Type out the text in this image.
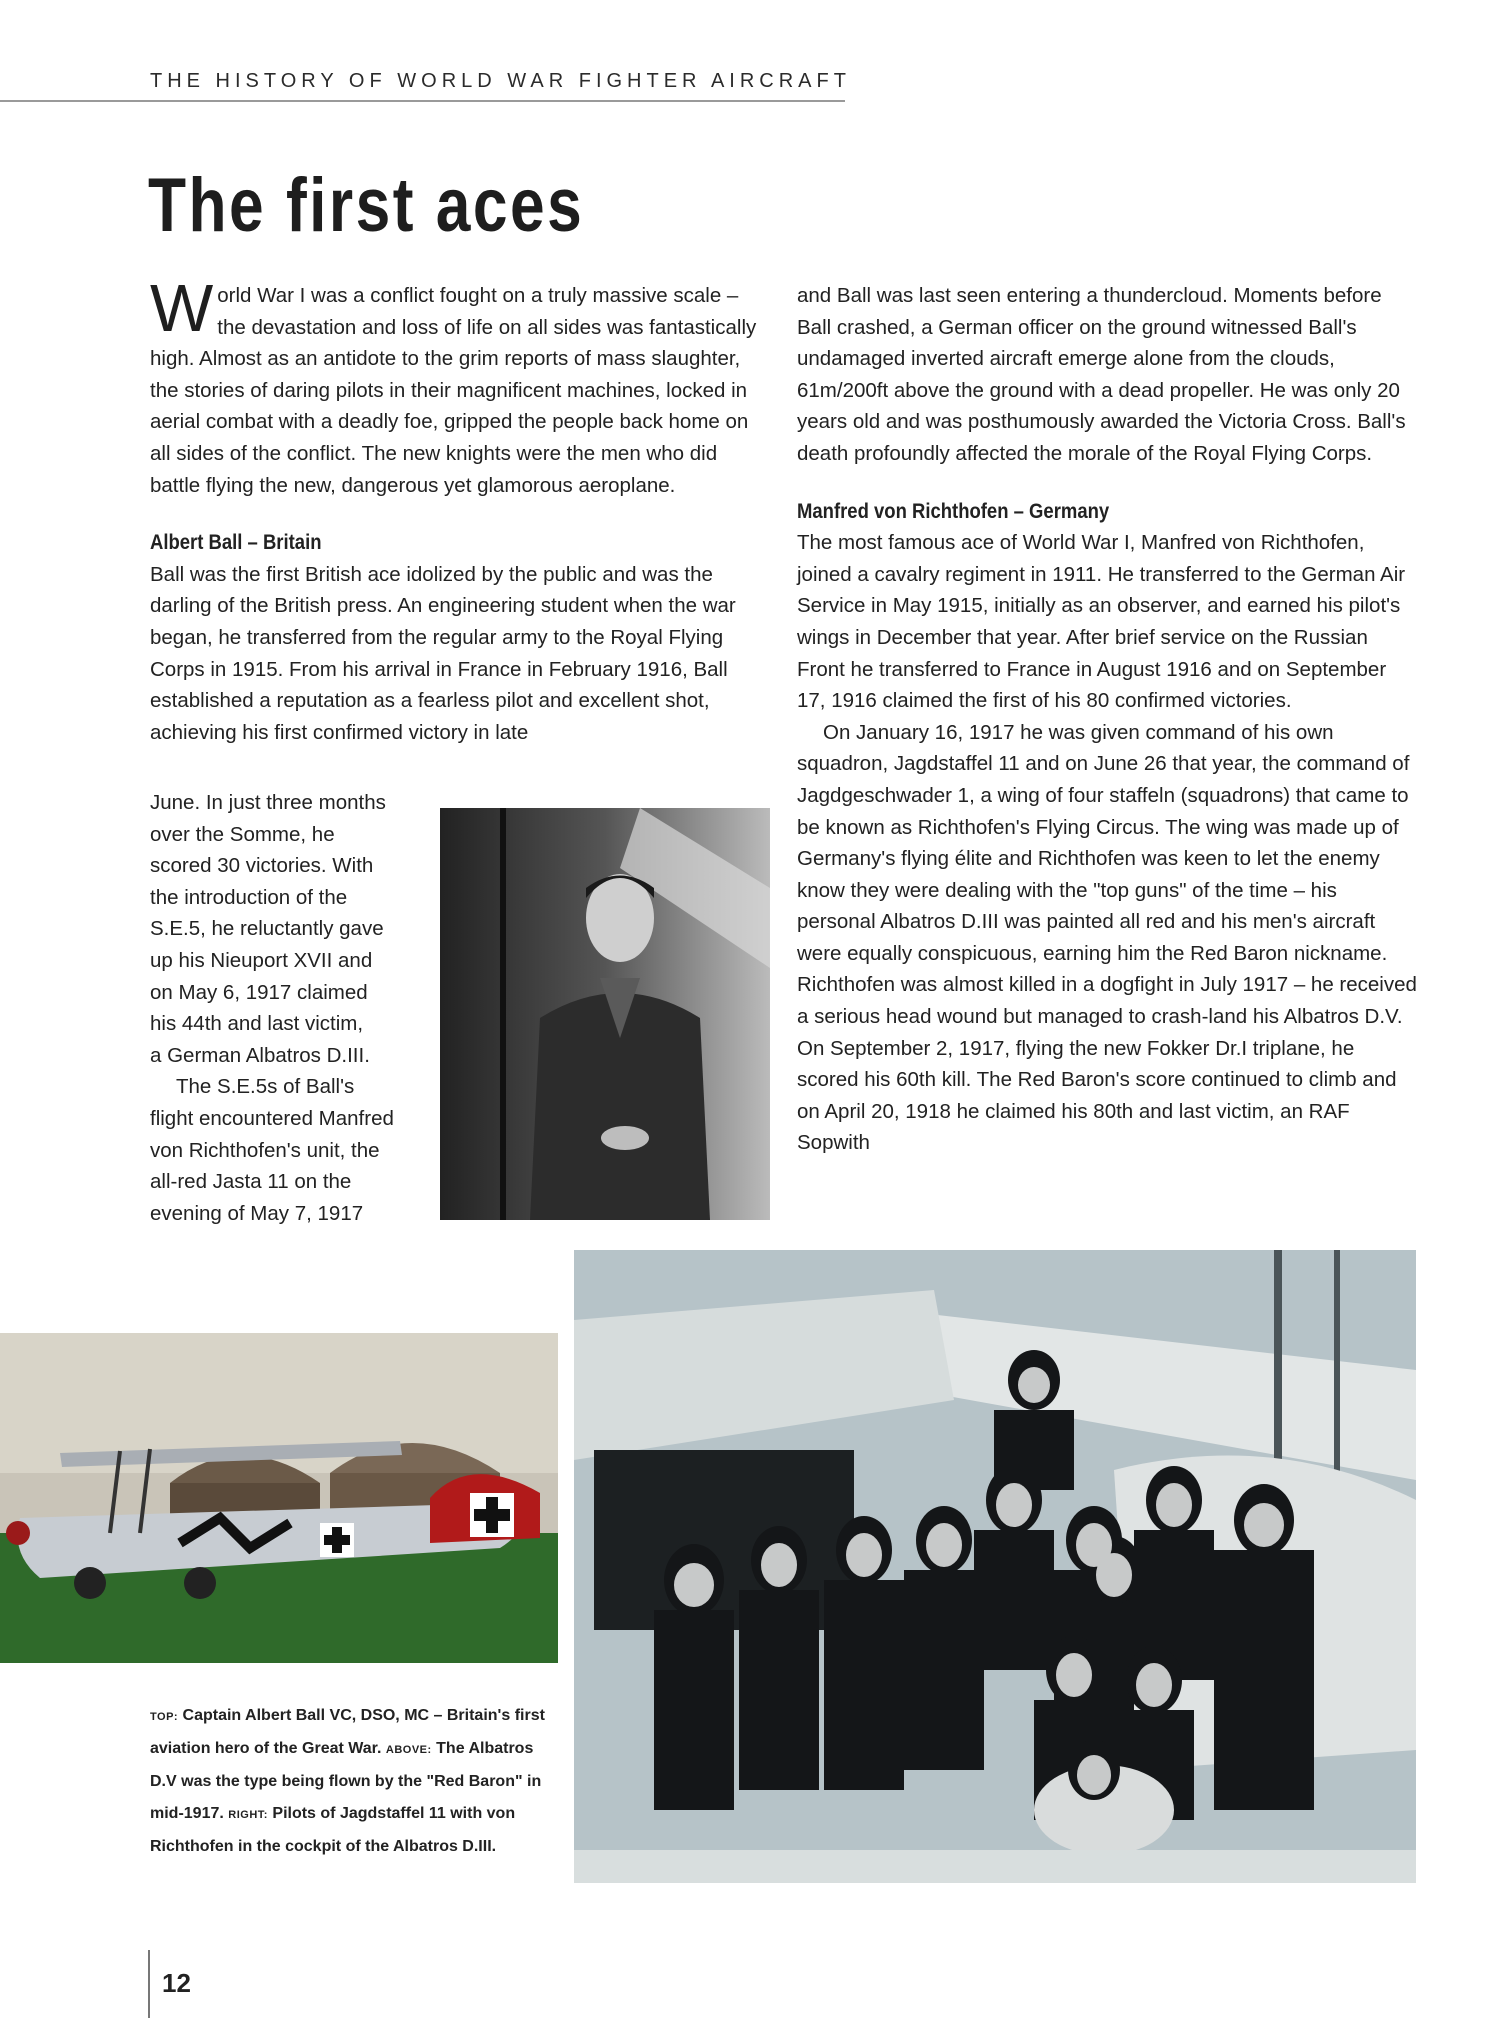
THE HISTORY OF WORLD WAR FIGHTER AIRCRAFT
The first aces

World War I was a conflict fought on a truly massive scale – the devastation and loss of life on all sides was fantastically high. Almost as an antidote to the grim reports of mass slaughter, the stories of daring pilots in their magnificent machines, locked in aerial combat with a deadly foe, gripped the people back home on all sides of the conflict. The new knights were the men who did battle flying the new, dangerous yet glamorous aeroplane.

Albert Ball – Britain

Ball was the first British ace idolized by the public and was the darling of the British press. An engineering student when the war began, he transferred from the regular army to the Royal Flying Corps in 1915. From his arrival in France in February 1916, Ball established a reputation as a fearless pilot and excellent shot, achieving his first confirmed victory in late

June. In just three months
over the Somme, he
scored 30 victories. With
the introduction of the
S.E.5, he reluctantly gave
up his Nieuport XVII and
on May 6, 1917 claimed
his 44th and last victim,
a German Albatros D.III.
The S.E.5s of Ball's
flight encountered Manfred
von Richthofen's unit, the
all-red Jasta 11 on the
evening of May 7, 1917

and Ball was last seen entering a thundercloud. Moments before Ball crashed, a German officer on the ground witnessed Ball's undamaged inverted aircraft emerge alone from the clouds, 61m/200ft above the ground with a dead propeller. He was only 20 years old and was posthumously awarded the Victoria Cross. Ball's death profoundly affected the morale of the Royal Flying Corps.

Manfred von Richthofen – Germany

The most famous ace of World War I, Manfred von Richthofen, joined a cavalry regiment in 1911. He transferred to the German Air Service in May 1915, initially as an observer, and earned his pilot's wings in December that year. After brief service on the Russian Front he transferred to France in August 1916 and on September 17, 1916 claimed the first of his 80 confirmed victories.

On January 16, 1917 he was given command of his own squadron, Jagdstaffel 11 and on June 26 that year, the command of Jagdgeschwader 1, a wing of four staffeln (squadrons) that came to be known as Richthofen's Flying Circus. The wing was made up of Germany's flying élite and Richthofen was keen to let the enemy know they were dealing with the "top guns" of the time – his personal Albatros D.III was painted all red and his men's aircraft were equally conspicuous, earning him the Red Baron nickname. Richthofen was almost killed in a dogfight in July 1917 – he received a serious head wound but managed to crash-land his Albatros D.V. On September 2, 1917, flying the new Fokker Dr.I triplane, he scored his 60th kill. The Red Baron's score continued to climb and on April 20, 1918 he claimed his 80th and last victim, an RAF Sopwith

TOP: Captain Albert Ball VC, DSO, MC – Britain's first aviation hero of the Great War. ABOVE: The Albatros D.V was the type being flown by the "Red Baron" in mid-1917. RIGHT: Pilots of Jagdstaffel 11 with von Richthofen in the cockpit of the Albatros D.III.
12
